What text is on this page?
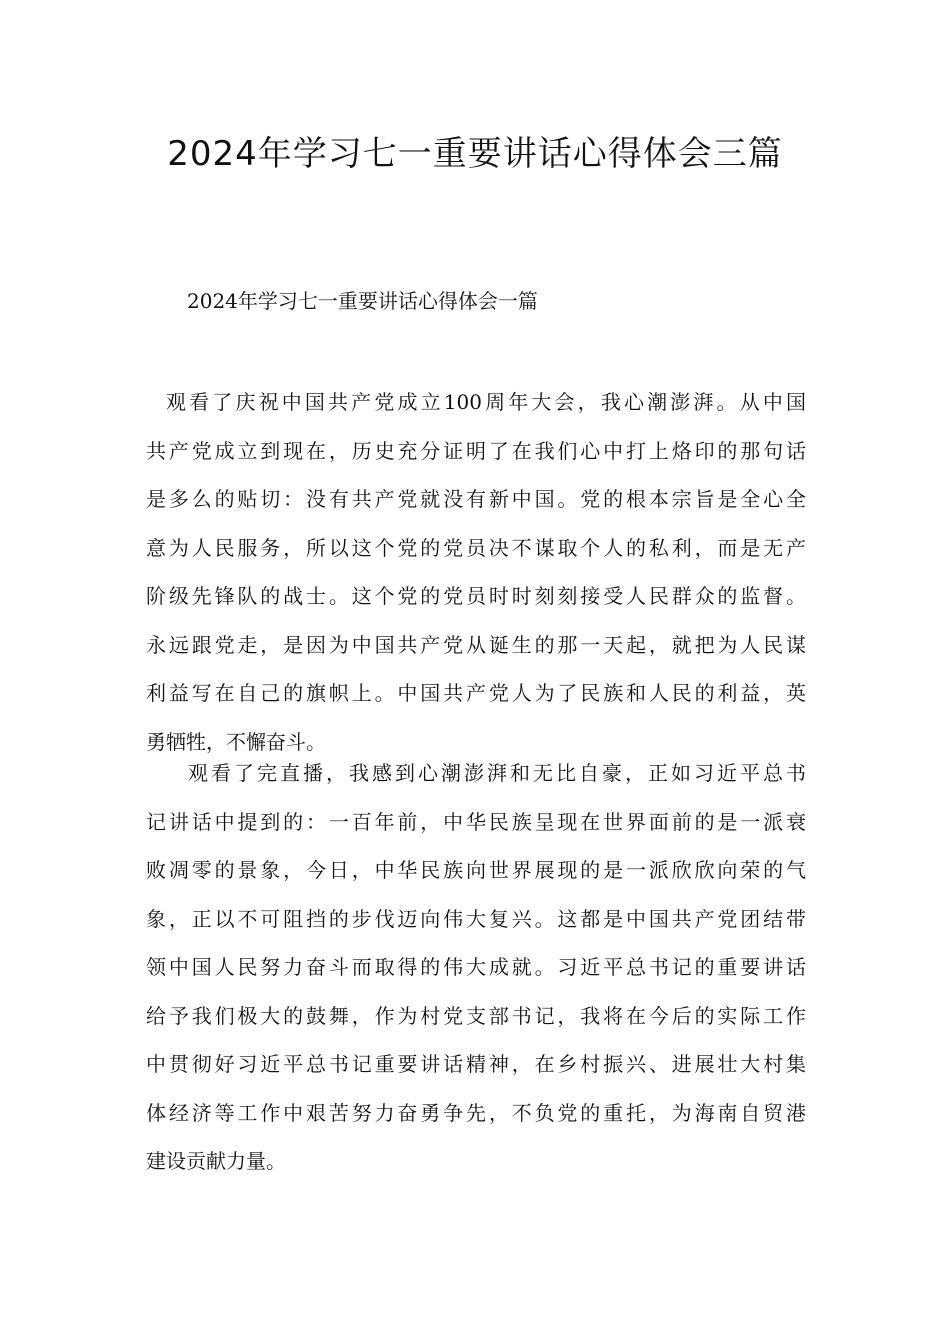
2024年学习七一重要讲话心得体会三篇

2024年学习七一重要讲话心得体会一篇

观看了庆祝中国共产党成立100周年大会，我心潮澎湃。从中国
共产党成立到现在，历史充分证明了在我们心中打上烙印的那句话
是多么的贴切：没有共产党就没有新中国。党的根本宗旨是全心全
意为人民服务，所以这个党的党员决不谋取个人的私利，而是无产
阶级先锋队的战士。这个党的党员时时刻刻接受人民群众的监督。
永远跟党走，是因为中国共产党从诞生的那一天起，就把为人民谋
利益写在自己的旗帜上。中国共产党人为了民族和人民的利益，英
勇牺牲，不懈奋斗。
观看了完直播，我感到心潮澎湃和无比自豪，正如习近平总书
记讲话中提到的：一百年前，中华民族呈现在世界面前的是一派衰
败凋零的景象，今日，中华民族向世界展现的是一派欣欣向荣的气
象，正以不可阻挡的步伐迈向伟大复兴。这都是中国共产党团结带
领中国人民努力奋斗而取得的伟大成就。习近平总书记的重要讲话
给予我们极大的鼓舞，作为村党支部书记，我将在今后的实际工作
中贯彻好习近平总书记重要讲话精神，在乡村振兴、进展壮大村集
体经济等工作中艰苦努力奋勇争先，不负党的重托，为海南自贸港
建设贡献力量。
